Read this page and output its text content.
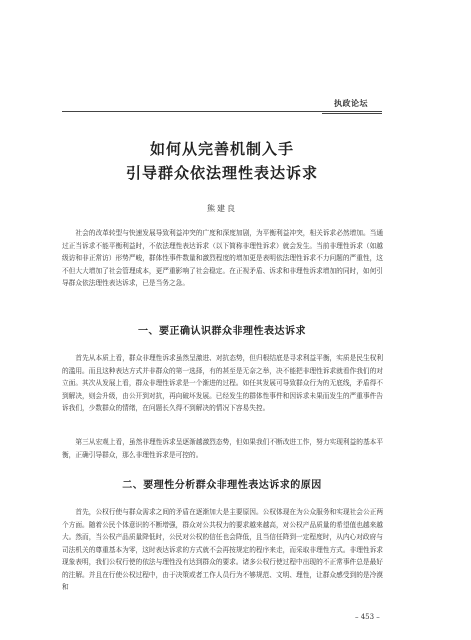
执政论坛
如何从完善机制入手
引导群众依法理性表达诉求
熊建良

社会的改革转型与快速发展导致利益冲突的广度和深度加剧，为平衡利益冲突，相关诉求必然增加。当通过正当诉求不能平衡利益时，不依法理性表达诉求（以下简称非理性诉求）就会发生。当前非理性诉求（如越级访和非正常访）形势严峻，群体性事件数量和激烈程度的增加更是表明依法理性诉求不力问题的严重性，这不但大大增加了社会管理成本，更严重影响了社会稳定。在正视矛盾、诉求和非理性诉求增加的同时，如何引导群众依法理性表达诉求，已是当务之急。

一、要正确认识群众非理性表达诉求

首先从本质上看，群众非理性诉求虽然呈激进、对抗态势，但归根结底是寻求利益平衡，实质是民生权利的滥用。而且这种表达方式并非群众的第一选择，有的甚至是无奈之举，决不能把非理性诉求就看作我们的对立面。其次从发展上看，群众非理性诉求是一个渐进的过程。如任其发展可导致群众行为的无底线，矛盾得不到解决，则会升级，由公开到对抗，再向破坏发展。已经发生的群体性事件和因诉求未果而发生的严重事件告诉我们，少数群众的情绪，在问题长久得不到解决的情况下容易失控。

第三从宏观上看，虽然非理性诉求呈逐渐越激烈态势，但如果我们不断改进工作，努力实现利益的基本平衡，正确引导群众，那么非理性诉求是可控的。

二、要理性分析群众非理性表达诉求的原因

首先，公权行使与群众需求之间的矛盾在逐渐加大是主要原因。公权体现在为公众服务和实现社会公正两个方面。随着公民个体意识的不断增强，群众对公共权力的要求越来越高，对公权产品质量的希望值也越来越大。然而，当公权产品质量降低时，公民对公权的信任也会降低，且当信任降到一定程度时，从内心对政府与司法机关的尊重基本为零，这时表达诉求的方式就不会再按规定的程序来走，而采取非理性方式。非理性诉求现象表明，我们公权行使的依法与理性没有达到群众的要求。诸多公权行使过程中出现的不正常事件总是最好的注解。并且在行使公权过程中，由于决策或者工作人员行为不够规范、文明、理性，让群众感受到的是冷漠和

– 453 –
